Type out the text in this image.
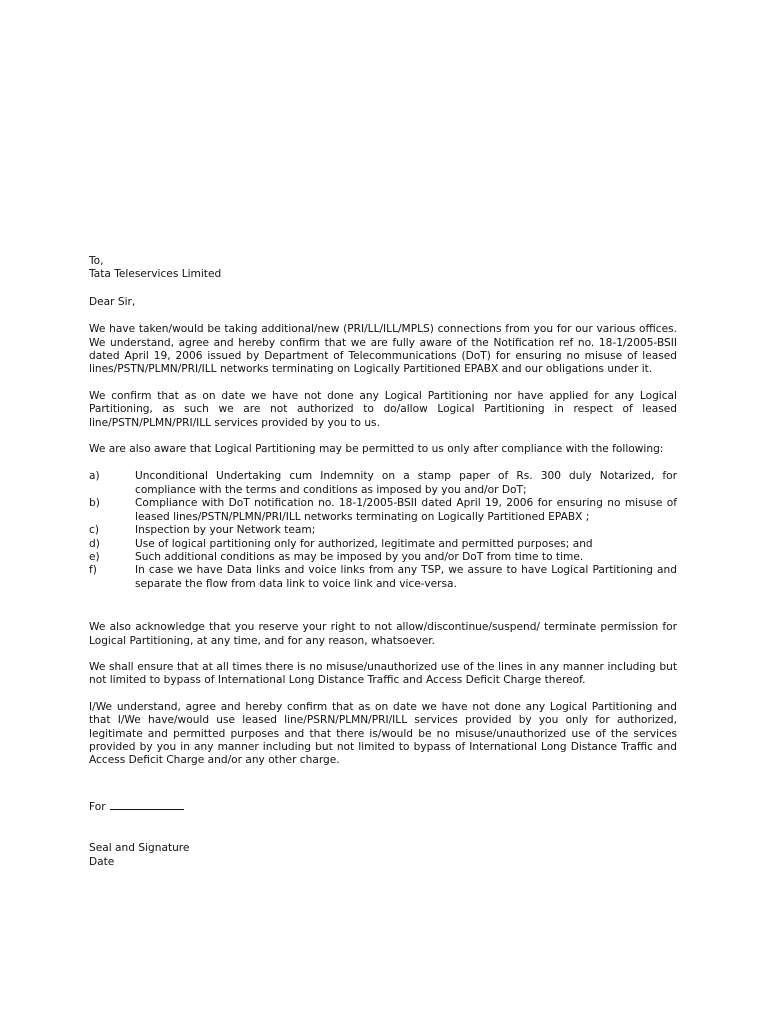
To,
Tata Teleservices Limited
Dear Sir,

We have taken/would be taking additional/new (PRI/LL/ILL/MPLS) connections from you for our various offices. We understand, agree and hereby confirm that we are fully aware of the Notification ref no. 18-1/2005-BSII dated April 19, 2006 issued by Department of Telecommunications (DoT) for ensuring no misuse of leased lines/PSTN/PLMN/PRI/ILL networks terminating on Logically Partitioned EPABX and our obligations under it.

We confirm that as on date we have not done any Logical Partitioning nor have applied for any Logical Partitioning, as such we are not authorized to do/allow Logical Partitioning in respect of leased line/PSTN/PLMN/PRI/ILL services provided by you to us.

We are also aware that Logical Partitioning may be permitted to us only after compliance with the following:

a)	Unconditional Undertaking cum Indemnity on a stamp paper of Rs. 300 duly Notarized, for compliance with the terms and conditions as imposed by you and/or DoT;
b)	Compliance with DoT notification no. 18-1/2005-BSII dated April 19, 2006 for ensuring no misuse of leased lines/PSTN/PLMN/PRI/ILL networks terminating on Logically Partitioned EPABX ;
c)	Inspection by your Network team;
d)	Use of logical partitioning only for authorized, legitimate and permitted purposes; and
e)	Such additional conditions as may be imposed by you and/or DoT from time to time.
f)	In case we have Data links and voice links from any TSP, we assure to have Logical Partitioning and separate the flow from data link to voice link and vice-versa.

We also acknowledge that you reserve your right to not allow/discontinue/suspend/ terminate permission for Logical Partitioning, at any time, and for any reason, whatsoever.

We shall ensure that at all times there is no misuse/unauthorized use of the lines in any manner including but not limited to bypass of International Long Distance Traffic and Access Deficit Charge thereof.

I/We understand, agree and hereby confirm that as on date we have not done any Logical Partitioning and that I/We have/would use leased line/PSRN/PLMN/PRI/ILL services provided by you only for authorized, legitimate and permitted purposes and that there is/would be no misuse/unauthorized use of the services provided by you in any manner including but not limited to bypass of International Long Distance Traffic and Access Deficit Charge and/or any other charge.

For
Seal and Signature
Date
